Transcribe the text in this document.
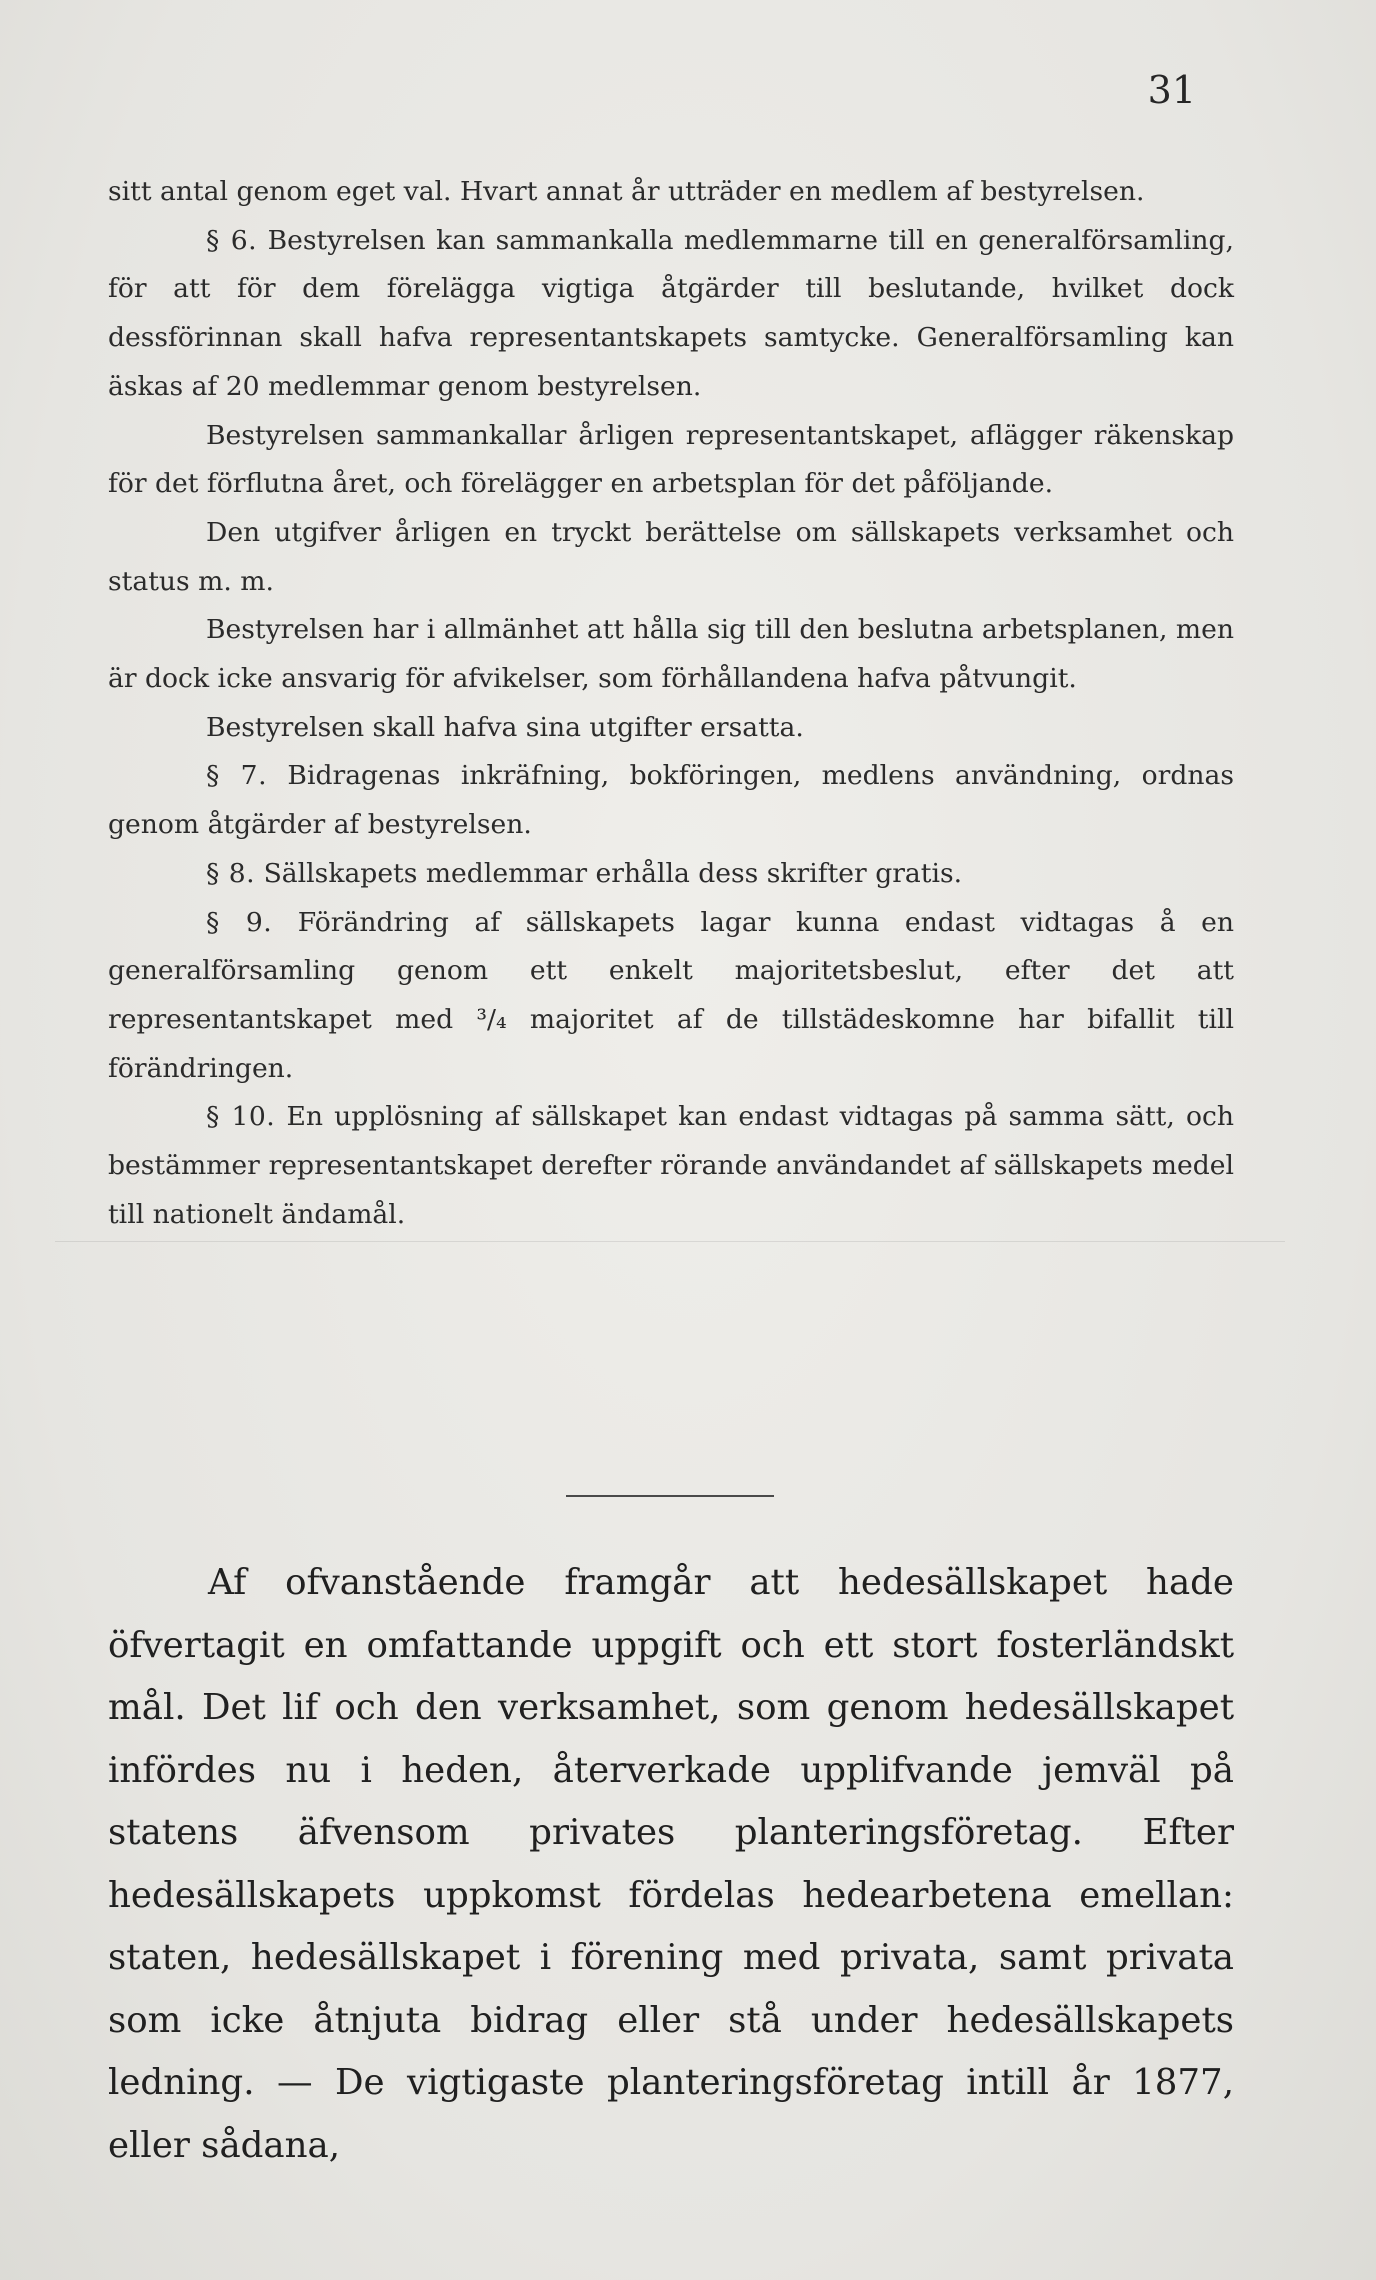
31

sitt antal genom eget val. Hvart annat år utträder en medlem af bestyrelsen.

§ 6. Bestyrelsen kan sammankalla medlemmarne till en generalförsamling, för att för dem förelägga vigtiga åtgärder till beslutande, hvilket dock dessförinnan skall hafva representantskapets samtycke. Generalförsamling kan äskas af 20 medlemmar genom bestyrelsen.

Bestyrelsen sammankallar årligen representantskapet, aflägger räkenskap för det förflutna året, och förelägger en arbetsplan för det påföljande.

Den utgifver årligen en tryckt berättelse om sällskapets verksamhet och status m. m.

Bestyrelsen har i allmänhet att hålla sig till den beslutna arbetsplanen, men är dock icke ansvarig för afvikelser, som förhållandena hafva påtvungit.

Bestyrelsen skall hafva sina utgifter ersatta.

§ 7. Bidragenas inkräfning, bokföringen, medlens användning, ordnas genom åtgärder af bestyrelsen.

§ 8. Sällskapets medlemmar erhålla dess skrifter gratis.

§ 9. Förändring af sällskapets lagar kunna endast vidtagas å en generalförsamling genom ett enkelt majoritetsbeslut, efter det att representantskapet med ³/₄ majoritet af de tillstädeskomne har bifallit till förändringen.

§ 10. En upplösning af sällskapet kan endast vidtagas på samma sätt, och bestämmer representantskapet derefter rörande användandet af sällskapets medel till nationelt ändamål.

Af ofvanstående framgår att hedesällskapet hade öfvertagit en omfattande uppgift och ett stort fosterländskt mål. Det lif och den verksamhet, som genom hedesällskapet infördes nu i heden, återverkade upplifvande jemväl på statens äfvensom privates planteringsföretag. Efter hedesällskapets uppkomst fördelas hedearbetena emellan: staten, hedesällskapet i förening med privata, samt privata som icke åtnjuta bidrag eller stå under hedesällskapets ledning. — De vigtigaste planteringsföretag intill år 1877, eller sådana,
